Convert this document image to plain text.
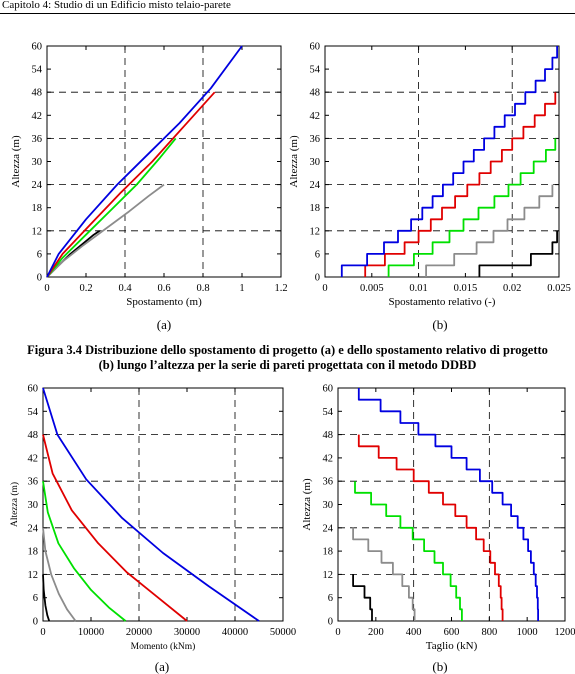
Capitolo 4: Studio di un Edificio misto telaio-parete
0	0.2 0.4 0.6 0.8	1	1.2
0
6
12
18
24
30
36
42
48
54
60
Spostamento (m)
Altezza (m)
0	0.005 0.01 0.015 0.02 0.025
0
6
12
18
24
30
36
42
48
54
60
Spostamento relativo (-)
Altezza (m)
(a)	(b)
Figura 3.4 Distribuzione dello spostamento di progetto (a) e dello spostamento relativo di progetto (b) lungo l’altezza per la serie di pareti progettata con il metodo DDBD
0	10000 20000 30000 40000 50000
0
6
12
18
24
30
36
42
48
54
60
Momento (kNm)
Altezza (m)
0	200 400 600 800 1000 1200
0
6
12
18
24
30
36
42
48
54
60
Taglio (kN)
Altezza (m)
(a)	(b)
